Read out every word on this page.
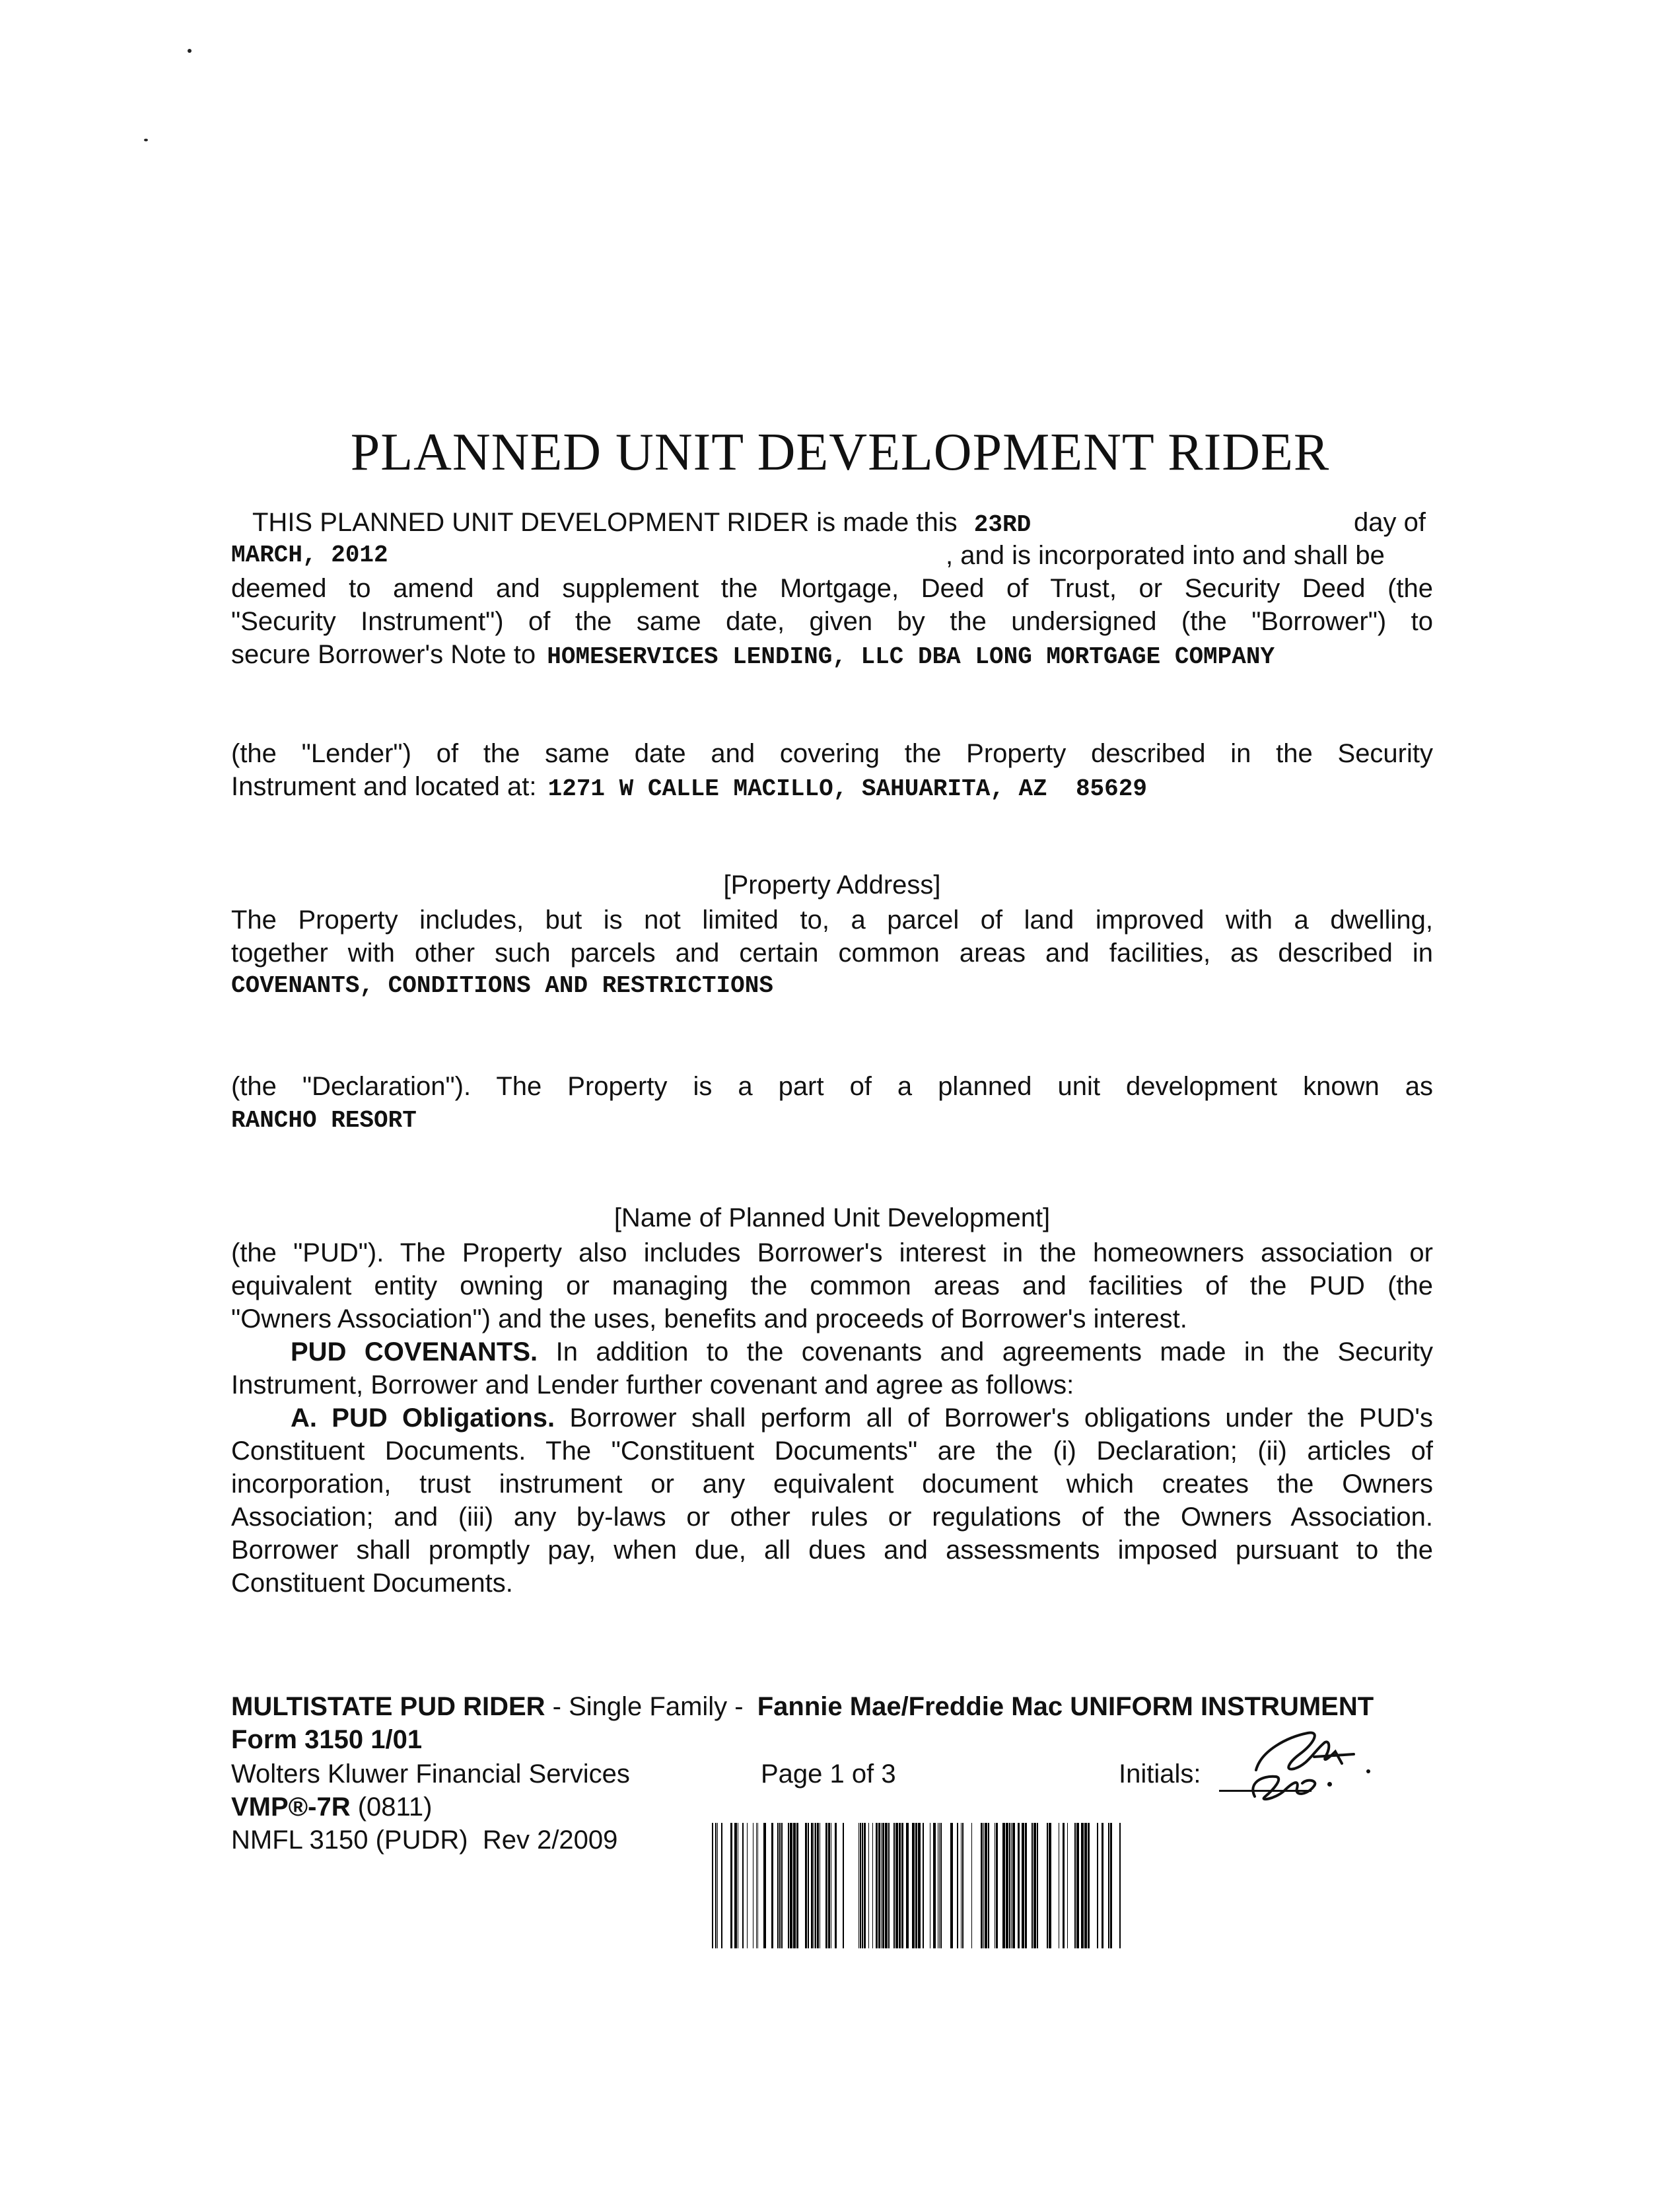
PLANNED UNIT DEVELOPMENT RIDER
THIS PLANNED UNIT DEVELOPMENT RIDER is made this 23RD	day of
MARCH, 2012	, and is incorporated into and shall be
deemed to amend and supplement the Mortgage, Deed of Trust, or Security Deed (the
"Security Instrument") of the same date, given by the undersigned (the "Borrower") to
secure Borrower's Note to HOMESERVICES LENDING, LLC DBA LONG MORTGAGE COMPANY
(the "Lender") of the same date and covering the Property described in the Security
Instrument and located at: 1271 W CALLE MACILLO, SAHUARITA, AZ  85629
[Property Address]
The Property includes, but is not limited to, a parcel of land improved with a dwelling,
together with other such parcels and certain common areas and facilities, as described in
COVENANTS, CONDITIONS AND RESTRICTIONS
(the "Declaration"). The Property is a part of a planned unit development known as
RANCHO RESORT
[Name of Planned Unit Development]
(the "PUD"). The Property also includes Borrower's interest in the homeowners association or
equivalent entity owning or managing the common areas and facilities of the PUD (the
"Owners Association") and the uses, benefits and proceeds of Borrower's interest.
PUD COVENANTS. In addition to the covenants and agreements made in the Security
Instrument, Borrower and Lender further covenant and agree as follows:
A. PUD Obligations. Borrower shall perform all of Borrower's obligations under the PUD's
Constituent Documents. The "Constituent Documents" are the (i) Declaration; (ii) articles of
incorporation, trust instrument or any equivalent document which creates the Owners
Association; and (iii) any by-laws or other rules or regulations of the Owners Association.
Borrower shall promptly pay, when due, all dues and assessments imposed pursuant to the
Constituent Documents.
MULTISTATE PUD RIDER - Single Family - Fannie Mae/Freddie Mac UNIFORM INSTRUMENT
Form 3150 1/01
Wolters Kluwer Financial Services	Page 1 of 3	Initials:
VMP®-7R (0811)
NMFL 3150 (PUDR)  Rev 2/2009
